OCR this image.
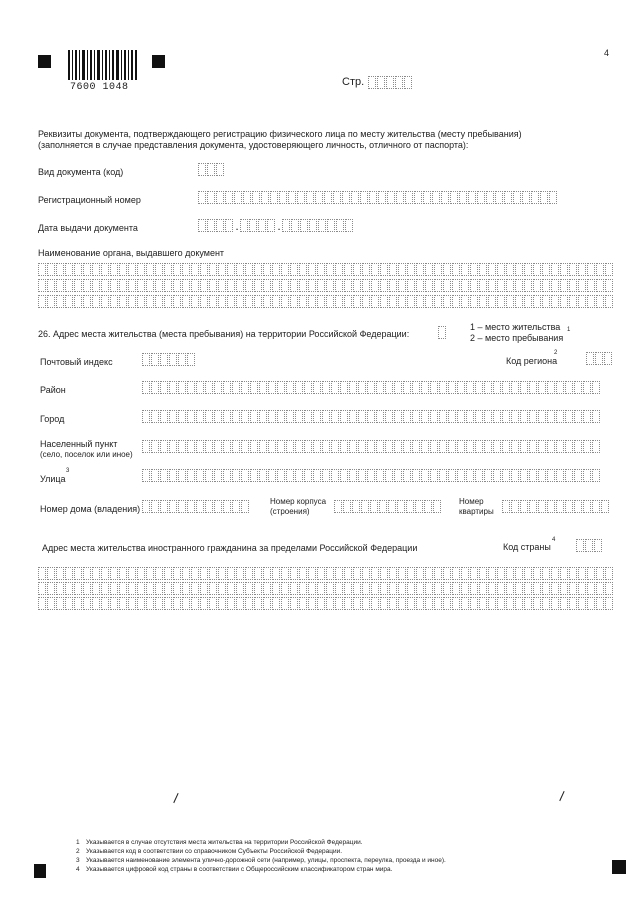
7600 1048
4
Стр.
Реквизиты документа, подтверждающего регистрацию физического лица по месту жительства (месту пребывания)
(заполняется в случае представления документа, удостоверяющего личность, отличного от паспорта):
Вид документа (код)
Регистрационный номер
Дата выдачи документа	.	.
Наименование органа, выдавшего документ
26. Адрес места жительства (места пребывания) на территории Российской Федерации:
1 – место жительства 1
2 – место пребывания
Почтовый индекс	Код региона
2
Район
Город
Населенный пункт
(село, поселок или иное)
Улица
3
Номер дома (владения)
Номер корпуса
(строения)
Номер
квартиры
Адрес места жительства иностранного гражданина за пределами Российской Федерации	Код страны
4
\	\
1 Указывается в случае отсутствия места жительства на территории Российской Федерации.
2 Указывается код в соответствии со справочником Субъекты Российской Федерации.
3 Указывается наименование элемента улично-дорожной сети (например, улицы, проспекта, переулка, проезда и иное).
4 Указывается цифровой код страны в соответствии с Общероссийским классификатором стран мира.
